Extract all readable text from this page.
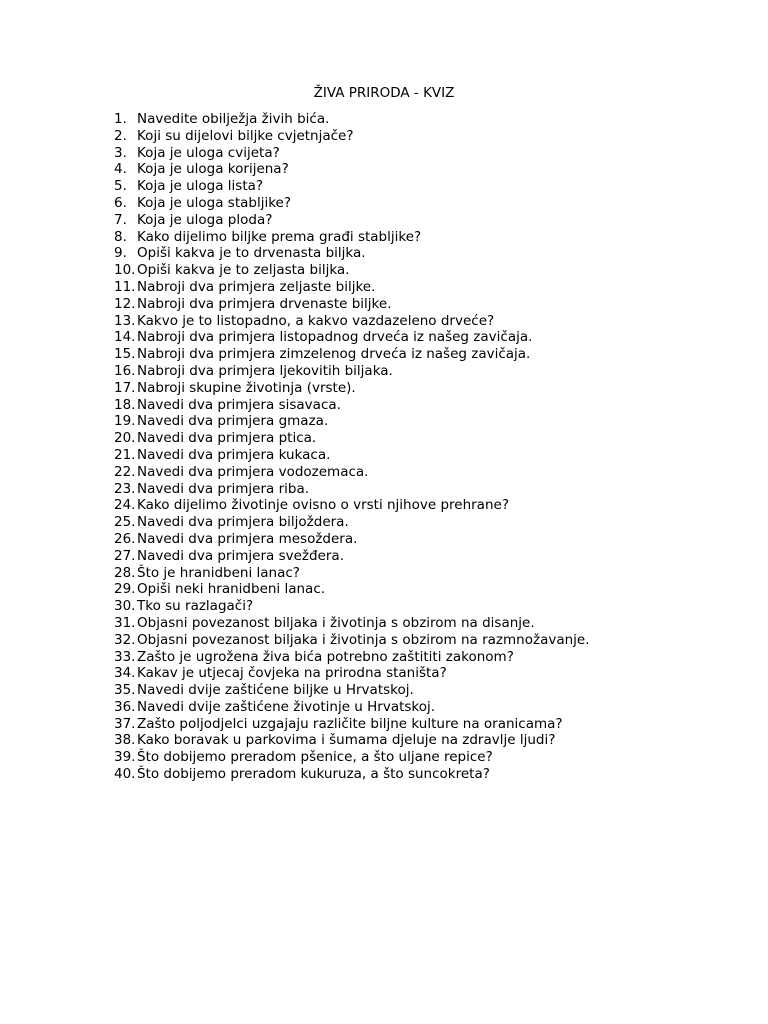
ŽIVA PRIRODA - KVIZ
1. Navedite obilježja živih bića.
2. Koji su dijelovi biljke cvjetnjače?
3. Koja je uloga cvijeta?
4. Koja je uloga korijena?
5. Koja je uloga lista?
6. Koja je uloga stabljike?
7. Koja je uloga ploda?
8. Kako dijelimo biljke prema građi stabljike?
9. Opiši kakva je to drvenasta biljka.
10. Opiši kakva je to zeljasta biljka.
11. Nabroji dva primjera zeljaste biljke.
12. Nabroji dva primjera drvenaste biljke.
13. Kakvo je to listopadno, a kakvo vazdazeleno drveće?
14. Nabroji dva primjera listopadnog drveća iz našeg zavičaja.
15. Nabroji dva primjera zimzelenog drveća iz našeg zavičaja.
16. Nabroji dva primjera ljekovitih biljaka.
17. Nabroji skupine životinja (vrste).
18. Navedi dva primjera sisavaca.
19. Navedi dva primjera gmaza.
20. Navedi dva primjera ptica.
21. Navedi dva primjera kukaca.
22. Navedi dva primjera vodozemaca.
23. Navedi dva primjera riba.
24. Kako dijelimo životinje ovisno o vrsti njihove prehrane?
25. Navedi dva primjera biljoždera.
26. Navedi dva primjera mesoždera.
27. Navedi dva primjera svežđera.
28. Što je hranidbeni lanac?
29. Opiši neki hranidbeni lanac.
30. Tko su razlagači?
31. Objasni povezanost biljaka i životinja s obzirom na disanje.
32. Objasni povezanost biljaka i životinja s obzirom na razmnožavanje.
33. Zašto je ugrožena živa bića potrebno zaštititi zakonom?
34. Kakav je utjecaj čovjeka na prirodna staništa?
35. Navedi dvije zaštićene biljke u Hrvatskoj.
36. Navedi dvije zaštićene životinje u Hrvatskoj.
37. Zašto poljodjelci uzgajaju različite biljne kulture na oranicama?
38. Kako boravak u parkovima i šumama djeluje na zdravlje ljudi?
39. Što dobijemo preradom pšenice, a što uljane repice?
40. Što dobijemo preradom kukuruza, a što suncokreta?
